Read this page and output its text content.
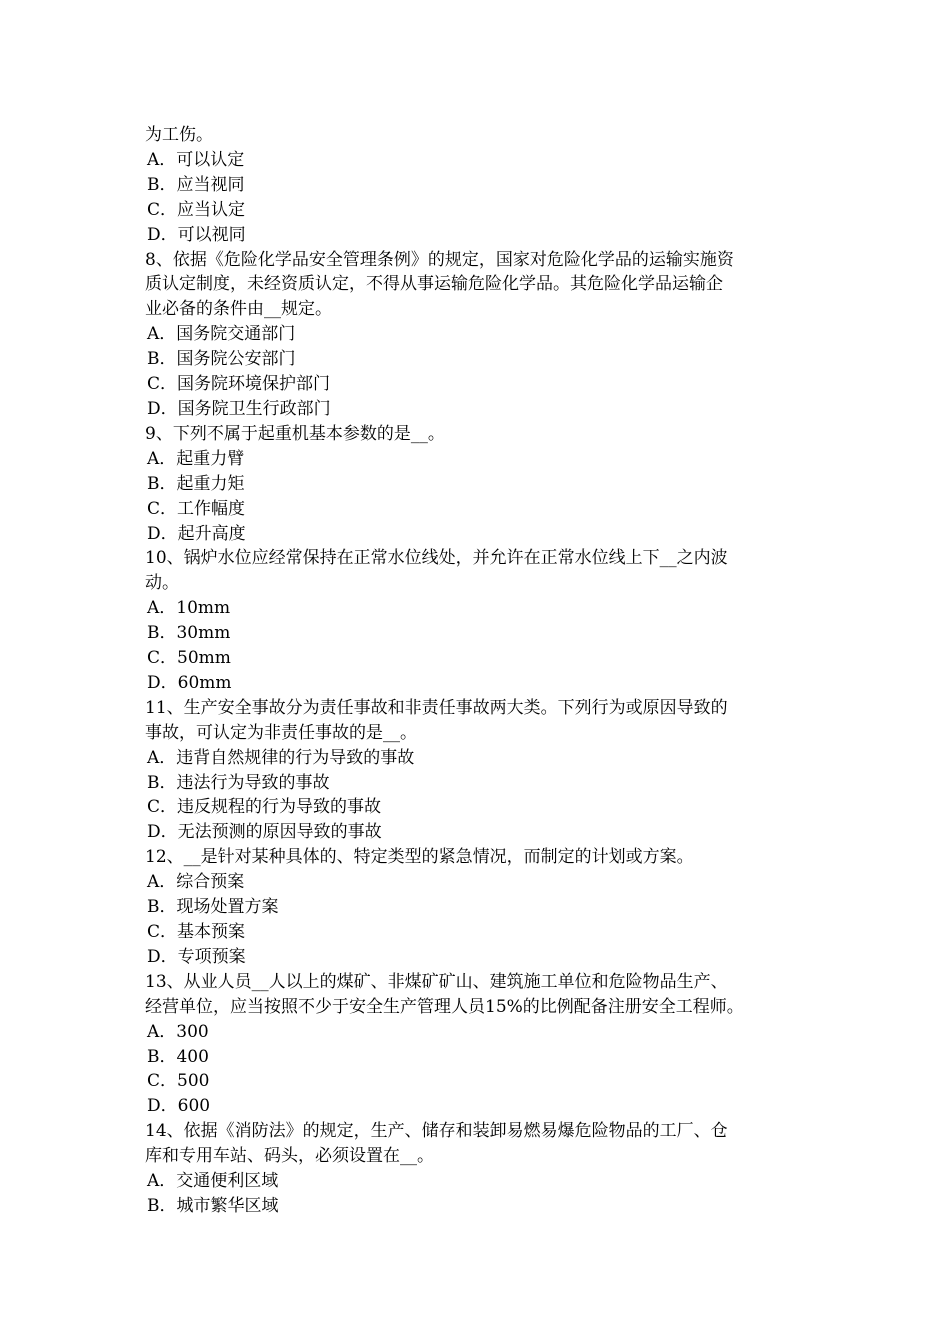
为工伤。
A．可以认定
B．应当视同
C．应当认定
D．可以视同
8、依据《危险化学品安全管理条例》的规定，国家对危险化学品的运输实施资
质认定制度，未经资质认定，不得从事运输危险化学品。其危险化学品运输企
业必备的条件由__规定。
A．国务院交通部门
B．国务院公安部门
C．国务院环境保护部门
D．国务院卫生行政部门
9、下列不属于起重机基本参数的是__。
A．起重力臂
B．起重力矩
C．工作幅度
D．起升高度
10、锅炉水位应经常保持在正常水位线处，并允许在正常水位线上下__之内波
动。
A．10mm
B．30mm
C．50mm
D．60mm
11、生产安全事故分为责任事故和非责任事故两大类。下列行为或原因导致的
事故，可认定为非责任事故的是__。
A．违背自然规律的行为导致的事故
B．违法行为导致的事故
C．违反规程的行为导致的事故
D．无法预测的原因导致的事故
12、__是针对某种具体的、特定类型的紧急情况，而制定的计划或方案。
A．综合预案
B．现场处置方案
C．基本预案
D．专项预案
13、从业人员__人以上的煤矿、非煤矿矿山、建筑施工单位和危险物品生产、
经营单位，应当按照不少于安全生产管理人员15%的比例配备注册安全工程师。
A．300
B．400
C．500
D．600
14、依据《消防法》的规定，生产、储存和装卸易燃易爆危险物品的工厂、仓
库和专用车站、码头，必须设置在__。
A．交通便利区域
B．城市繁华区域
